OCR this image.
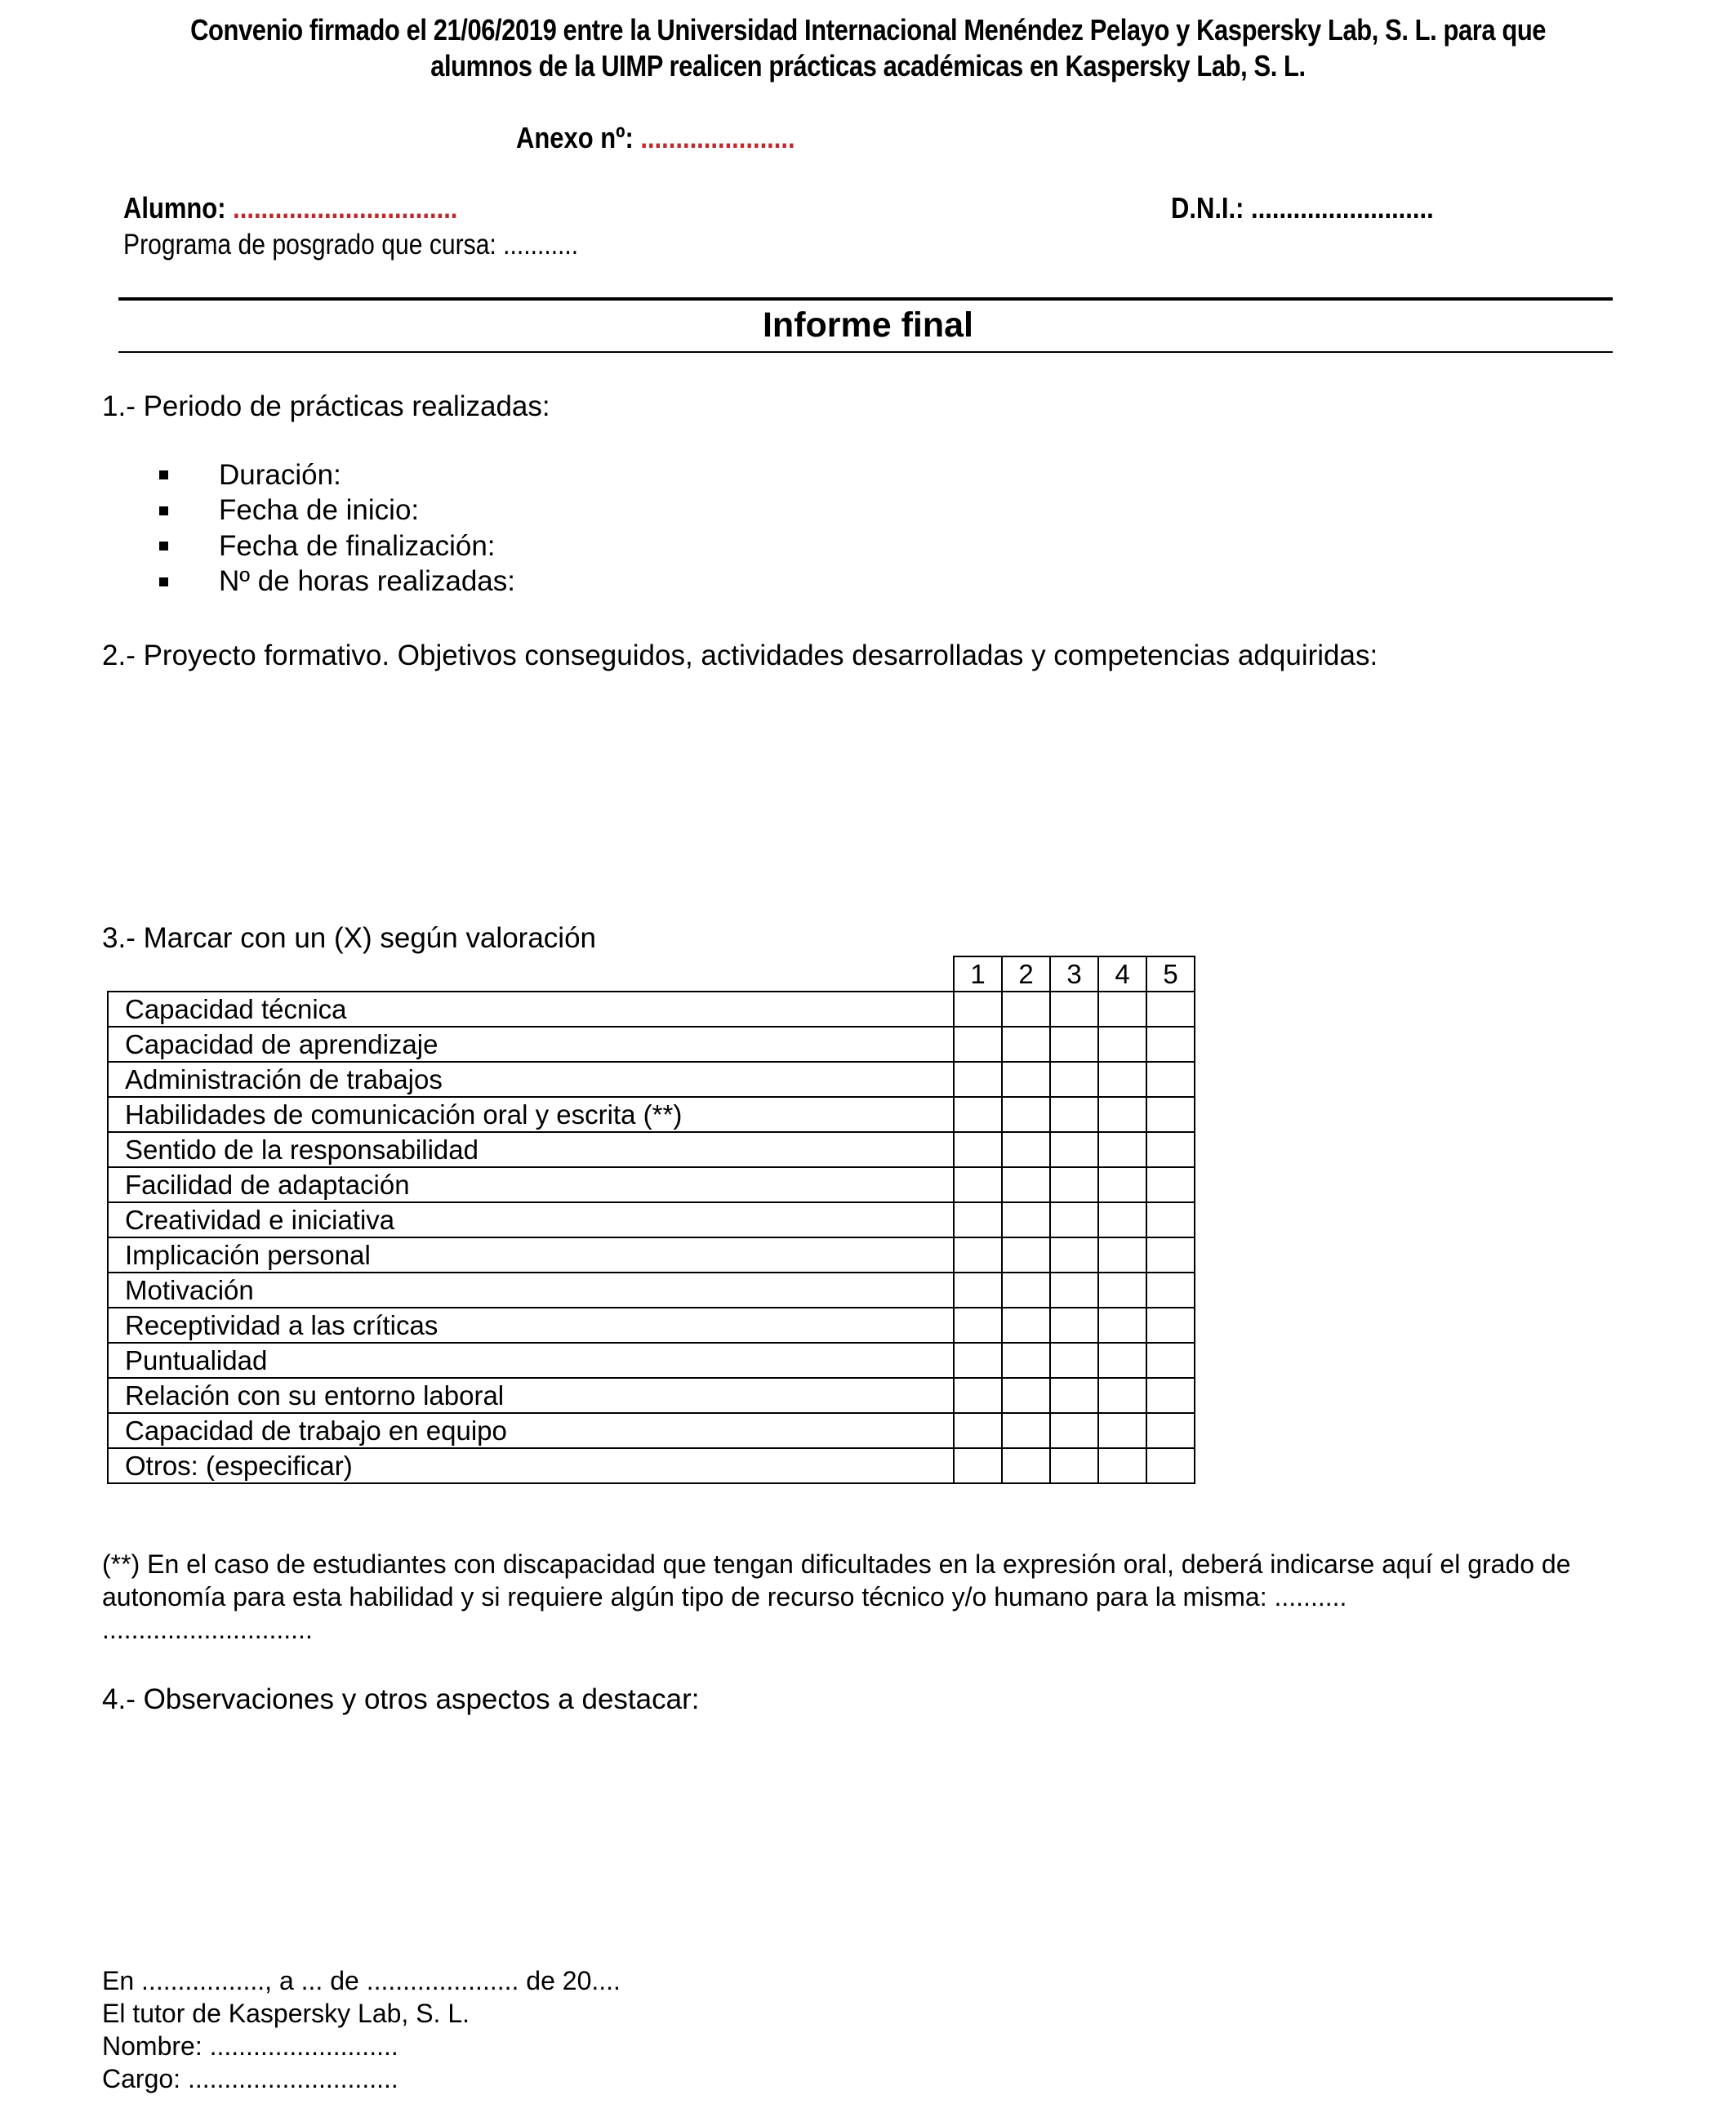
Convenio firmado el 21/06/2019 entre la Universidad Internacional Menéndez Pelayo y Kaspersky Lab, S. L. para que
alumnos de la UIMP realicen prácticas académicas en Kaspersky Lab, S. L.
Anexo nº: ......................
Alumno: ................................	D.N.I.: ..........................
Programa de posgrado que cursa: ...........
Informe final
1.- Periodo de prácticas realizadas:
Duración:
Fecha de inicio:
Fecha de finalización:
Nº de horas realizadas:
2.- Proyecto formativo. Objetivos conseguidos, actividades desarrolladas y competencias adquiridas:
3.- Marcar con un (X) según valoración
	1	2	3	4	5
Capacidad técnica					
Capacidad de aprendizaje					
Administración de trabajos					
Habilidades de comunicación oral y escrita (**)					
Sentido de la responsabilidad					
Facilidad de adaptación					
Creatividad e iniciativa					
Implicación personal					
Motivación					
Receptividad a las críticas					
Puntualidad					
Relación con su entorno laboral					
Capacidad de trabajo en equipo					
Otros: (especificar)					
(**) En el caso de estudiantes con discapacidad que tengan dificultades en la expresión oral, deberá indicarse aquí el grado de
autonomía para esta habilidad y si requiere algún tipo de recurso técnico y/o humano para la misma: ..........
.............................
4.- Observaciones y otros aspectos a destacar:
En ................., a ... de ..................... de 20....
El tutor de Kaspersky Lab, S. L.
Nombre: ..........................
Cargo: .............................
